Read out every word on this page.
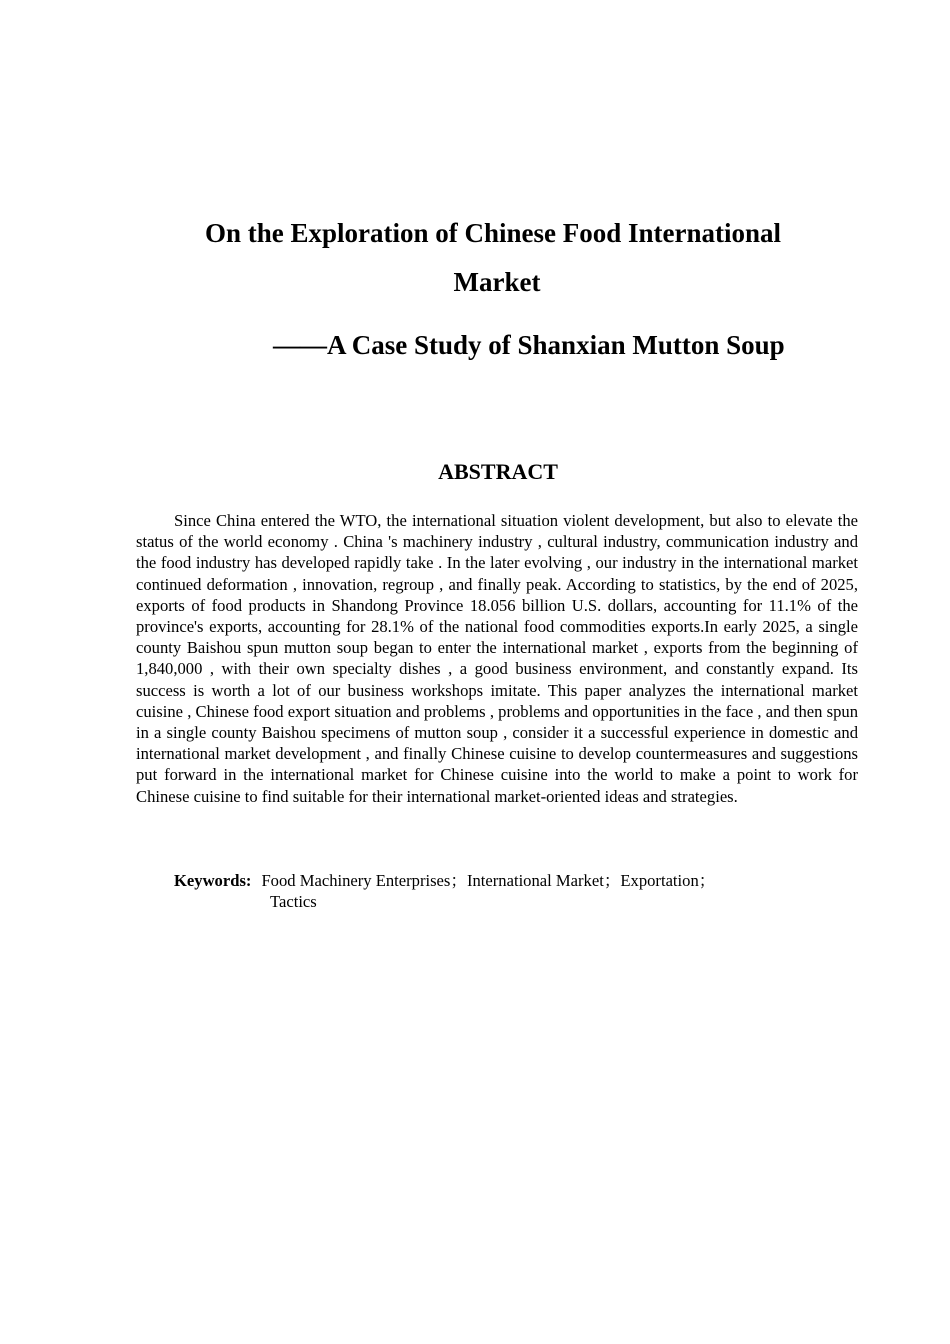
On the Exploration of Chinese Food International
Market
——A Case Study of Shanxian Mutton Soup
ABSTRACT

Since China entered the WTO, the international situation violent development, but also to elevate the status of the world economy . China 's machinery industry , cultural industry, communication industry and the food industry has developed rapidly take . In the later evolving , our industry in the international market continued deformation , innovation, regroup , and finally peak. According to statistics, by the end of 2025, exports of food products in Shandong Province 18.056 billion U.S. dollars, accounting for 11.1% of the province's exports, accounting for 28.1% of the national food commodities exports.In early 2025, a single county Baishou spun mutton soup began to enter the international market , exports from the beginning of 1,840,000 , with their own specialty dishes , a good business environment, and constantly expand. Its success is worth a lot of our business workshops imitate. This paper analyzes the international market cuisine , Chinese food export situation and problems , problems and opportunities in the face , and then spun in a single county Baishou specimens of mutton soup , consider it a successful experience in domestic and international market development , and finally Chinese cuisine to develop countermeasures and suggestions put forward in the international market for Chinese cuisine into the world to make a point to work for Chinese cuisine to find suitable for their international market-oriented ideas and strategies.

Keywords: Food Machinery Enterprises；International Market；Exportation；
Tactics
